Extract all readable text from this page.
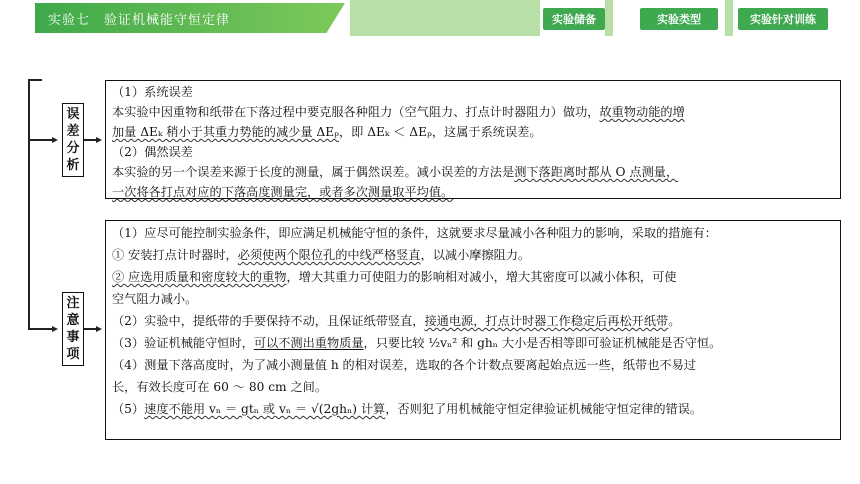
实验七　验证机械能守恒定律	实验储备	实验类型	实验针对训练
误差分析
注意事项
（1）系统误差
本实验中因重物和纸带在下落过程中要克服各种阻力（空气阻力、打点计时器阻力）做功，故重物动能的增
加量 ΔEₖ 稍小于其重力势能的减少量 ΔEₚ，即 ΔEₖ ＜ ΔEₚ，这属于系统误差。
（2）偶然误差
本实验的另一个误差来源于长度的测量，属于偶然误差。减小误差的方法是测下落距离时都从 O 点测量，
一次将各打点对应的下落高度测量完，或者多次测量取平均值。
（1）应尽可能控制实验条件，即应满足机械能守恒的条件，这就要求尽量减小各种阻力的影响，采取的措施有：
① 安装打点计时器时，必须使两个限位孔的中线严格竖直，以减小摩擦阻力。
② 应选用质量和密度较大的重物，增大其重力可使阻力的影响相对减小，增大其密度可以减小体积，可使
空气阻力减小。
（2）实验中，提纸带的手要保持不动，且保证纸带竖直，接通电源，打点计时器工作稳定后再松开纸带。
（3）验证机械能守恒时，可以不测出重物质量，只要比较 ½vₙ² 和 ghₙ 大小是否相等即可验证机械能是否守恒。
（4）测量下落高度时，为了减小测量值 h 的相对误差，选取的各个计数点要离起始点远一些，纸带也不易过
长，有效长度可在 60 ～ 80 cm 之间。
（5）速度不能用 vₙ ＝ gtₙ 或 vₙ ＝ √(2ghₙ) 计算，否则犯了用机械能守恒定律验证机械能守恒定律的错误。
